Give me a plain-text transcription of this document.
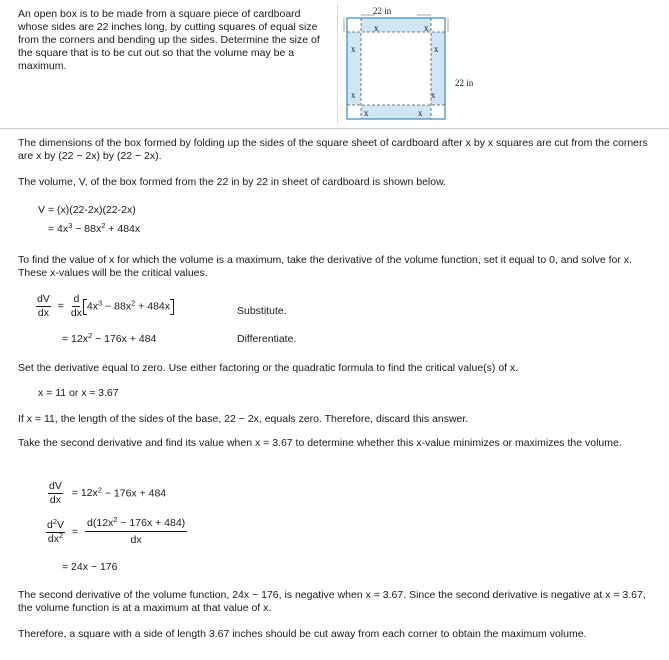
An open box is to be made from a square piece of cardboard whose sides are 22 inches long, by cutting squares of equal size from the corners and bending up the sides. Determine the size of the square that is to be cut out so that the volume may be a maximum.
22 in
22 in
x	x
x	x
x	x
x	x
The dimensions of the box formed by folding up the sides of the square sheet of cardboard after x by x squares are cut from the corners are x by (22 − 2x) by (22 − 2x).
The volume, V, of the box formed from the 22 in by 22 in sheet of cardboard is shown below.
V = (x)(22-2x)(22-2x)
= $4x^3 - 88x^2 + 484x$
To find the value of x for which the volume is a maximum, take the derivative of the volume function, set it equal to 0, and solve for x. These x-values will be the critical values.
$\frac{dV}{dx} = \frac{d}{dx} 4x^3 - 88x^2 + 484x$	Substitute.
= $12x^2 - 176x + 484$	Differentiate.
Set the derivative equal to zero. Use either factoring or the quadratic formula to find the critical value(s) of x.
x = 11 or x ≈ 3.67
If x = 11, the length of the sides of the base, 22 − 2x, equals zero. Therefore, discard this answer.
Take the second derivative and find its value when x = 3.67 to determine whether this x-value minimizes or maximizes the volume.
$\frac{dV}{dx} = 12x^2 - 176x + 484$
$\frac{d^2V}{dx^2} = \frac{d(12x^2 - 176x + 484)}{dx}$
= 24x − 176
The second derivative of the volume function, 24x − 176, is negative when x = 3.67. Since the second derivative is negative at x = 3.67, the volume function is at a maximum at that value of x.
Therefore, a square with a side of length 3.67 inches should be cut away from each corner to obtain the maximum volume.
